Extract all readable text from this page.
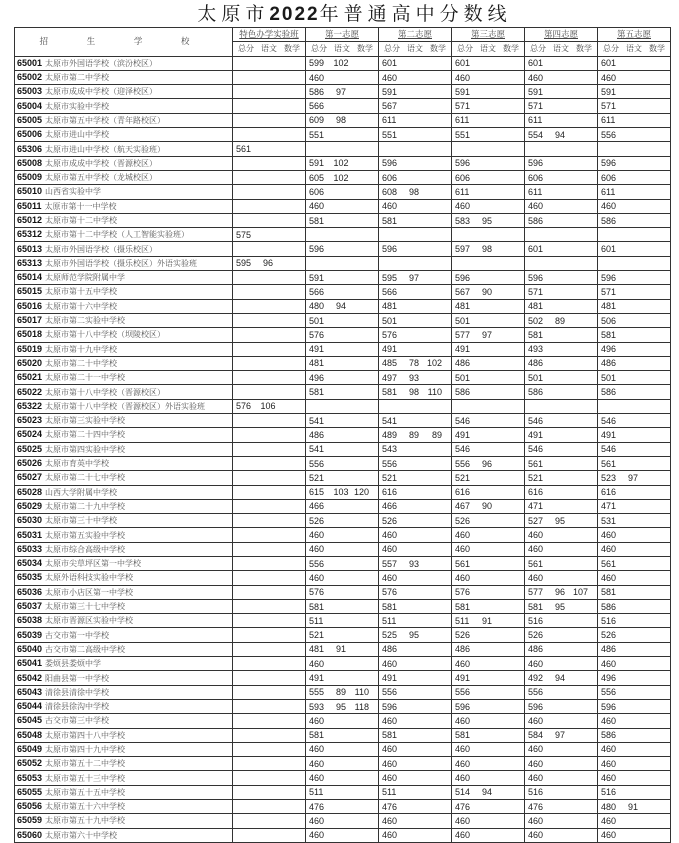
太原市2022年普通高中分数线
招 生 学 校	特色办学实验班	第一志愿	第二志愿	第三志愿	第四志愿	第五志愿
	总分 语文 数学	总分 语文 数学	总分 语文 数学	总分 语文 数学	总分 语文 数学	总分 语文 数学
65001 太原市外国语学校（滨汾校区）		599 102	601	601	601	601
65002 太原市第二中学校		460	460	460	460	460
65003 太原市成成中学校（迎泽校区）		586 97	591	591	591	591
65004 太原市实验中学校		566	567	571	571	571
65005 太原市第五中学校（青年路校区）		609 98	611	611	611	611
65006 太原市进山中学校		551	551	551	554 94	556
65306 太原市进山中学校（航天实验班）	561					
65008 太原市成成中学校（晋源校区）		591 102	596	596	596	596
65009 太原市第五中学校（龙城校区）		605 102	606	606	606	606
65010 山西省实验中学		606	608 98	611	611	611
65011 太原市第十一中学校		460	460	460	460	460
65012 太原市第十二中学校		581	581	583 95	586	586
65312 太原市第十二中学校（人工智能实验班）	575					
65013 太原市外国语学校（摄乐校区）		596	596	597 98	601	601
65313 太原市外国语学校（摄乐校区）外语实验班	595 96					
65014 太原师范学院附属中学		591	595 97	596	596	596
65015 太原市第十五中学校		566	566	567 90	571	571
65016 太原市第十六中学校		480 94	481	481	481	481
65017 太原市第二实验中学校		501	501	501	502 89	506
65018 太原市第十八中学校（坝陵校区）		576	576	577 97	581	581
65019 太原市第十九中学校		491	491	491	493	496
65020 太原市第二十中学校		481	485 78 102	486	486	486
65021 太原市第二十一中学校		496	497 93	501	501	501
65022 太原市第十八中学校（晋源校区）		581	581 98 110	586	586	586
65322 太原市第十八中学校（晋源校区）外语实验班	576 106					
65023 太原市第三实验中学校		541	541	546	546	546
65024 太原市第二十四中学校		486	489 89 89	491	491	491
65025 太原市第四实验中学校		541	543	546	546	546
65026 太原市育英中学校		556	556	556 96	561	561
65027 太原市第二十七中学校		521	521	521	521	523 97
65028 山西大学附属中学校		615 103 120	616	616	616	616
65029 太原市第二十九中学校		466	466	467 90	471	471
65030 太原市第三十中学校		526	526	526	527 95	531
65031 太原市第五实验中学校		460	460	460	460	460
65033 太原市综合高级中学校		460	460	460	460	460
65034 太原市尖草坪区第一中学校		556	557 93	561	561	561
65035 太原外语科技实验中学校		460	460	460	460	460
65036 太原市小店区第一中学校		576	576	576	577 96 107	581
65037 太原市第三十七中学校		581	581	581	581 95	586
65038 太原市晋源区实验中学校		511	511	511 91	516	516
65039 古交市第一中学校		521	525 95	526	526	526
65040 古交市第二高级中学校		481 91	486	486	486	486
65041 娄烦县娄烦中学		460	460	460	460	460
65042 阳曲县第一中学校		491	491	491	492 94	496
65043 清徐县清徐中学校		555 89 110	556	556	556	556
65044 清徐县徐沟中学校		593 95 118	596	596	596	596
65045 古交市第三中学校		460	460	460	460	460
65048 太原市第四十八中学校		581	581	581	584 97	586
65049 太原市第四十九中学校		460	460	460	460	460
65052 太原市第五十二中学校		460	460	460	460	460
65053 太原市第五十三中学校		460	460	460	460	460
65055 太原市第五十五中学校		511	511	514 94	516	516
65056 太原市第五十六中学校		476	476	476	476	480 91
65059 太原市第五十九中学校		460	460	460	460	460
65060 太原市第六十中学校		460	460	460	460	460
